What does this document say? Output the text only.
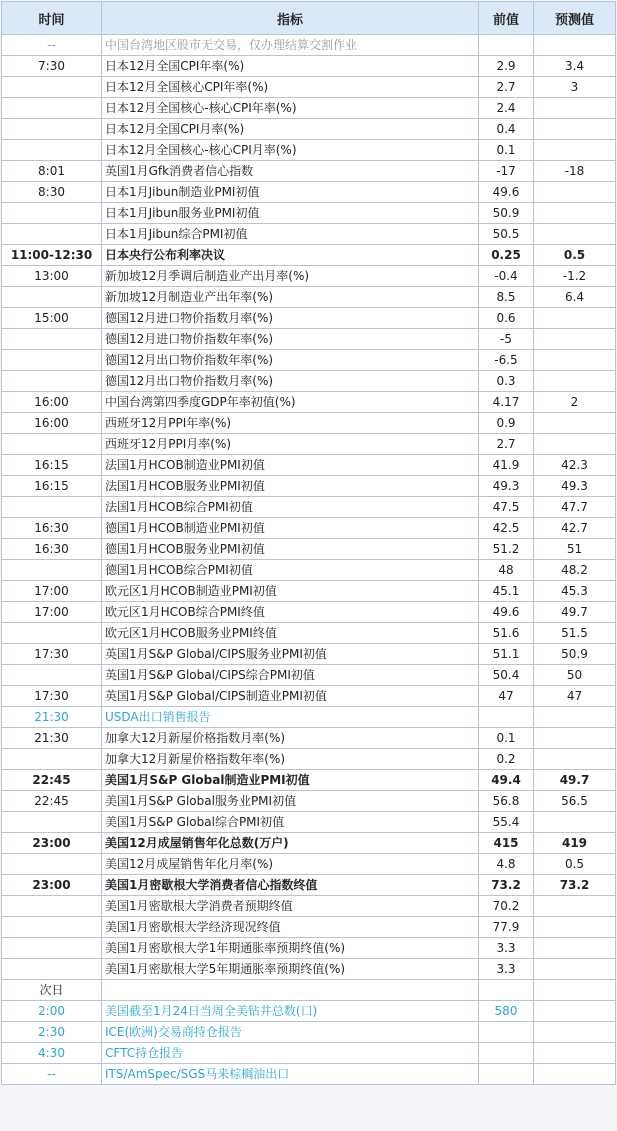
时间	指标	前值	预测值
--	中国台湾地区股市无交易，仅办理结算交割作业		
7:30	日本12月全国CPI年率(%)	2.9	3.4
	日本12月全国核心CPI年率(%)	2.7	3
	日本12月全国核心-核心CPI年率(%)	2.4	
	日本12月全国CPI月率(%)	0.4	
	日本12月全国核心-核心CPI月率(%)	0.1	
8:01	英国1月Gfk消费者信心指数	-17	-18
8:30	日本1月Jibun制造业PMI初值	49.6	
	日本1月Jibun服务业PMI初值	50.9	
	日本1月Jibun综合PMI初值	50.5	
11:00-12:30	日本央行公布利率决议	0.25	0.5
13:00	新加坡12月季调后制造业产出月率(%)	-0.4	-1.2
	新加坡12月制造业产出年率(%)	8.5	6.4
15:00	德国12月进口物价指数月率(%)	0.6	
	德国12月进口物价指数年率(%)	-5	
	德国12月出口物价指数年率(%)	-6.5	
	德国12月出口物价指数月率(%)	0.3	
16:00	中国台湾第四季度GDP年率初值(%)	4.17	2
16:00	西班牙12月PPI年率(%)	0.9	
	西班牙12月PPI月率(%)	2.7	
16:15	法国1月HCOB制造业PMI初值	41.9	42.3
16:15	法国1月HCOB服务业PMI初值	49.3	49.3
	法国1月HCOB综合PMI初值	47.5	47.7
16:30	德国1月HCOB制造业PMI初值	42.5	42.7
16:30	德国1月HCOB服务业PMI初值	51.2	51
	德国1月HCOB综合PMI初值	48	48.2
17:00	欧元区1月HCOB制造业PMI初值	45.1	45.3
17:00	欧元区1月HCOB综合PMI终值	49.6	49.7
	欧元区1月HCOB服务业PMI终值	51.6	51.5
17:30	英国1月S&P Global/CIPS服务业PMI初值	51.1	50.9
	英国1月S&P Global/CIPS综合PMI初值	50.4	50
17:30	英国1月S&P Global/CIPS制造业PMI初值	47	47
21:30	USDA出口销售报告		
21:30	加拿大12月新屋价格指数月率(%)	0.1	
	加拿大12月新屋价格指数年率(%)	0.2	
22:45	美国1月S&P Global制造业PMI初值	49.4	49.7
22:45	美国1月S&P Global服务业PMI初值	56.8	56.5
	美国1月S&P Global综合PMI初值	55.4	
23:00	美国12月成屋销售年化总数(万户)	415	419
	美国12月成屋销售年化月率(%)	4.8	0.5
23:00	美国1月密歇根大学消费者信心指数终值	73.2	73.2
	美国1月密歇根大学消费者预期终值	70.2	
	美国1月密歇根大学经济现况终值	77.9	
	美国1月密歇根大学1年期通胀率预期终值(%)	3.3	
	美国1月密歇根大学5年期通胀率预期终值(%)	3.3	
次日			
2:00	美国截至1月24日当周全美钻井总数(口)	580	
2:30	ICE(欧洲)交易商持仓报告		
4:30	CFTC持仓报告		
--	ITS/AmSpec/SGS马来棕榈油出口		
